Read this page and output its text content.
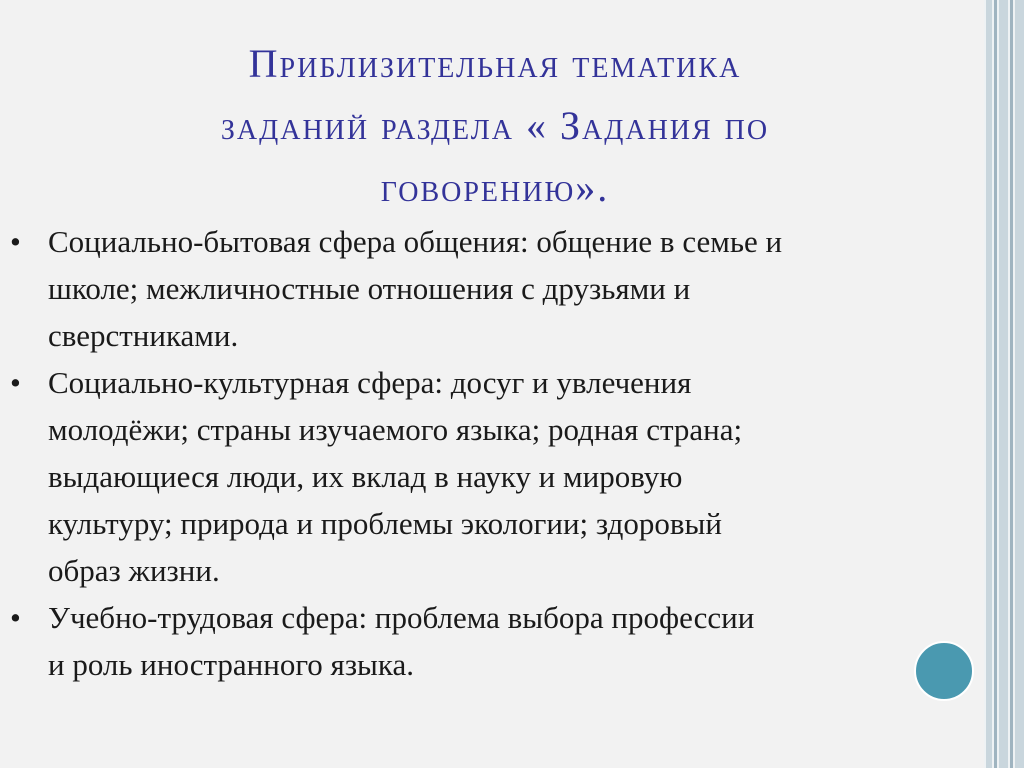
Приблизительная тематика
заданий раздела « Задания по
говорению».
• Социально-бытовая сфера общения: общение в семье и
школе; межличностные отношения с друзьями и
сверстниками.
• Социально-культурная сфера: досуг и увлечения
молодёжи; страны изучаемого языка; родная страна;
выдающиеся люди, их вклад в науку и мировую
культуру; природа и проблемы экологии; здоровый
образ жизни.
• Учебно-трудовая сфера: проблема выбора профессии
и роль иностранного языка.
